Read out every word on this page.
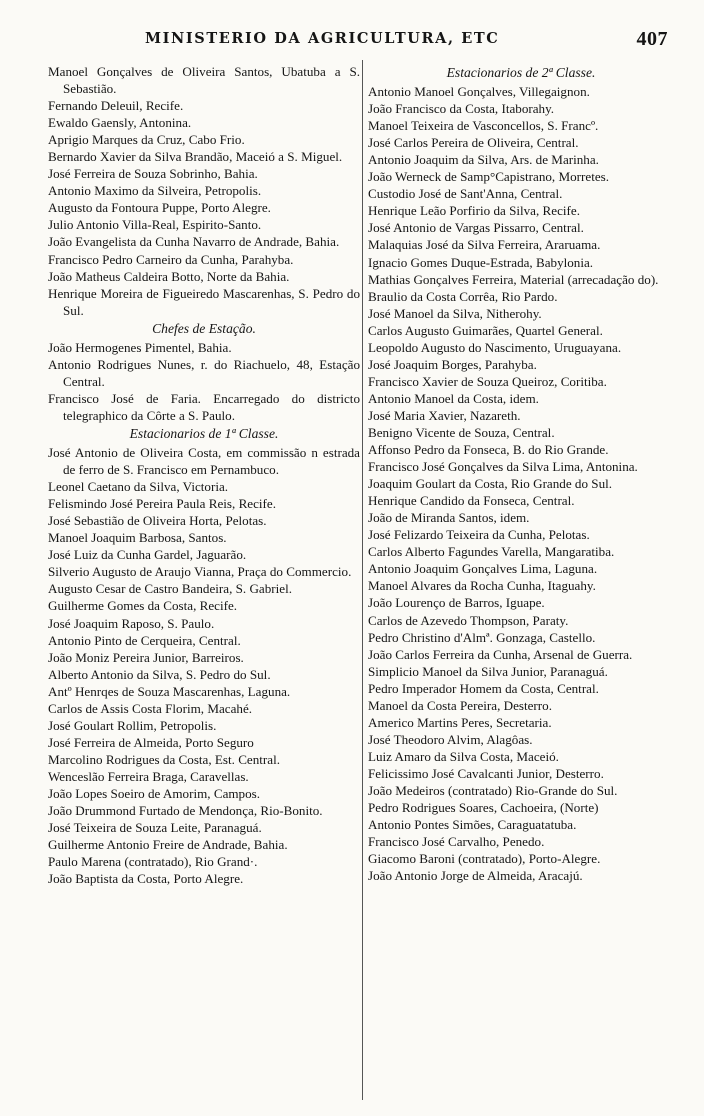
MINISTERIO DA AGRICULTURA, ETC	407

Manoel Gonçalves de Oliveira Santos, Ubatuba a S. Sebastião.

Fernando Deleuil, Recife.

Ewaldo Gaensly, Antonina.

Aprigio Marques da Cruz, Cabo Frio.

Bernardo Xavier da Silva Brandão, Maceió a S. Miguel.

José Ferreira de Souza Sobrinho, Bahia.

Antonio Maximo da Silveira, Petropolis.

Augusto da Fontoura Puppe, Porto Alegre.

Julio Antonio Villa-Real, Espirito-Santo.

João Evangelista da Cunha Navarro de Andrade, Bahia.

Francisco Pedro Carneiro da Cunha, Parahyba.

João Matheus Caldeira Botto, Norte da Bahia.

Henrique Moreira de Figueiredo Mascarenhas, S. Pedro do Sul.

Chefes de Estação.

João Hermogenes Pimentel, Bahia.

Antonio Rodrigues Nunes, r. do Riachuelo, 48, Estação Central.

Francisco José de Faria. Encarregado do districto telegraphico da Côrte a S. Paulo.

Estacionarios de 1ª Classe.

José Antonio de Oliveira Costa, em commissão n estrada de ferro de S. Francisco em Pernambuco.

Leonel Caetano da Silva, Victoria.

Felismindo José Pereira Paula Reis, Recife.

José Sebastião de Oliveira Horta, Pelotas.

Manoel Joaquim Barbosa, Santos.

José Luiz da Cunha Gardel, Jaguarão.

Silverio Augusto de Araujo Vianna, Praça do Commercio.

Augusto Cesar de Castro Bandeira, S. Gabriel.

Guilherme Gomes da Costa, Recife.

José Joaquim Raposo, S. Paulo.

Antonio Pinto de Cerqueira, Central.

João Moniz Pereira Junior, Barreiros.

Alberto Antonio da Silva, S. Pedro do Sul.

Antº Henrqes de Souza Mascarenhas, Laguna.

Carlos de Assis Costa Florim, Macahé.

José Goulart Rollim, Petropolis.

José Ferreira de Almeida, Porto Seguro

Marcolino Rodrigues da Costa, Est. Central.

Wenceslão Ferreira Braga, Caravellas.

João Lopes Soeiro de Amorim, Campos.

João Drummond Furtado de Mendonça, Rio-Bonito.

José Teixeira de Souza Leite, Paranaguá.

Guilherme Antonio Freire de Andrade, Bahia.

Paulo Marena (contratado), Rio Grand·.

João Baptista da Costa, Porto Alegre.

Estacionarios de 2ª Classe.

Antonio Manoel Gonçalves, Villegaignon.

João Francisco da Costa, Itaborahy.

Manoel Teixeira de Vasconcellos, S. Francº.

José Carlos Pereira de Oliveira, Central.

Antonio Joaquim da Silva, Ars. de Marinha.

João Werneck de Samp°Capistrano, Morretes.

Custodio José de Sant'Anna, Central.

Henrique Leão Porfirio da Silva, Recife.

José Antonio de Vargas Pissarro, Central.

Malaquias José da Silva Ferreira, Araruama.

Ignacio Gomes Duque-Estrada, Babylonia.

Mathias Gonçalves Ferreira, Material (arrecadação do).

Braulio da Costa Corrêa, Rio Pardo.

José Manoel da Silva, Nitherohy.

Carlos Augusto Guimarães, Quartel General.

Leopoldo Augusto do Nascimento, Uruguayana.

José Joaquim Borges, Parahyba.

Francisco Xavier de Souza Queiroz, Coritiba.

Antonio Manoel da Costa, idem.

José Maria Xavier, Nazareth.

Benigno Vicente de Souza, Central.

Affonso Pedro da Fonseca, B. do Rio Grande.

Francisco José Gonçalves da Silva Lima, Antonina.

Joaquim Goulart da Costa, Rio Grande do Sul.

Henrique Candido da Fonseca, Central.

João de Miranda Santos, idem.

José Felizardo Teixeira da Cunha, Pelotas.

Carlos Alberto Fagundes Varella, Mangaratiba.

Antonio Joaquim Gonçalves Lima, Laguna.

Manoel Alvares da Rocha Cunha, Itaguahy.

João Lourenço de Barros, Iguape.

Carlos de Azevedo Thompson, Paraty.

Pedro Christino d'Almª. Gonzaga, Castello.

João Carlos Ferreira da Cunha, Arsenal de Guerra.

Simplicio Manoel da Silva Junior, Paranaguá.

Pedro Imperador Homem da Costa, Central.

Manoel da Costa Pereira, Desterro.

Americo Martins Peres, Secretaria.

José Theodoro Alvim, Alagôas.

Luiz Amaro da Silva Costa, Maceió.

Felicissimo José Cavalcanti Junior, Desterro.

João Medeiros (contratado) Rio-Grande do Sul.

Pedro Rodrigues Soares, Cachoeira, (Norte)

Antonio Pontes Simões, Caraguatatuba.

Francisco José Carvalho, Penedo.

Giacomo Baroni (contratado), Porto-Alegre.

João Antonio Jorge de Almeida, Aracajú.
